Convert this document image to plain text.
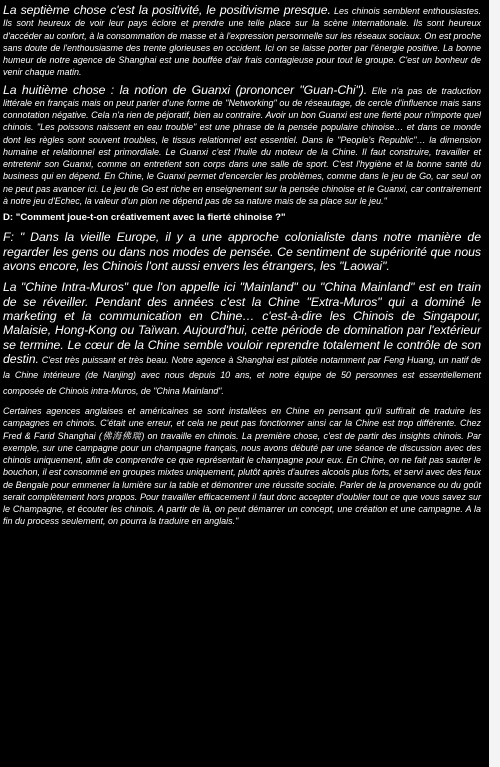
La septième chose c'est la positivité, le positivisme presque. Les chinois semblent enthousiastes. Ils sont heureux de voir leur pays éclore et prendre une telle place sur la scène internationale. Ils sont heureux d'accéder au confort, à la consommation de masse et à l'expression personnelle sur les réseaux sociaux. On est proche sans doute de l'enthousiasme des trente glorieuses en occident. Ici on se laisse porter par l'énergie positive. La bonne humeur de notre agence de Shanghai est une bouffée d'air frais contagieuse pour tout le groupe. C'est un bonheur de venir chaque matin.

La huitième chose : la notion de Guanxi (prononcer "Guan-Chi"). Elle n'a pas de traduction littérale en français mais on peut parler d'une forme de "Networking" ou de réseautage, de cercle d'influence mais sans connotation négative. Cela n'a rien de péjoratif, bien au contraire. Avoir un bon Guanxi est une fierté pour n'importe quel chinois. "Les poissons naissent en eau trouble" est une phrase de la pensée populaire chinoise… et dans ce monde dont les règles sont souvent troubles, le tissus relationnel est essentiel. Dans le "People's Republic"… la dimension humaine et relationnel est primordiale. Le Guanxi c'est l'huile du moteur de la Chine. Il faut construire, travailler et entretenir son Guanxi, comme on entretient son corps dans une salle de sport. C'est l'hygiène et la bonne santé du business qui en dépend. En Chine, le Guanxi permet d'encercler les problèmes, comme dans le jeu de Go, car seul on ne peut pas avancer ici. Le jeu de Go est riche en enseignement sur la pensée chinoise et le Guanxi, car contrairement à notre jeu d'Echec, la valeur d'un pion ne dépend pas de sa nature mais de sa place sur le jeu."

D: "Comment joue-t-on créativement avec la fierté chinoise ?"

F: " Dans la vieille Europe, il y a une approche colonialiste dans notre manière de regarder les gens ou dans nos modes de pensée. Ce sentiment de supériorité que nous avons encore, les Chinois l'ont aussi envers les étrangers, les "Laowai".

La "Chine Intra-Muros" que l'on appelle ici "Mainland" ou "China Mainland" est en train de se réveiller. Pendant des années c'est la Chine "Extra-Muros" qui a dominé le marketing et la communication en Chine… c'est-à-dire les Chinois de Singapour, Malaisie, Hong-Kong ou Taïwan. Aujourd'hui, cette période de domination par l'extérieur se termine. Le cœur de la Chine semble vouloir reprendre totalement le contrôle de son destin. C'est très puissant et très beau. Notre agence à Shanghai est pilotée notamment par Feng Huang, un natif de la Chine intérieure (de Nanjing) avec nous depuis 10 ans, et notre équipe de 50 personnes est essentiellement composée de Chinois intra-Muros, de "China Mainland".

Certaines agences anglaises et américaines se sont installées en Chine en pensant qu'il suffirait de traduire les campagnes en chinois. C'était une erreur, et cela ne peut pas fonctionner ainsi car la Chine est trop différente. Chez Fred & Farid Shanghai (佛海佛瑞) on travaille en chinois. La première chose, c'est de partir des insights chinois. Par exemple, sur une campagne pour un champagne français, nous avons débuté par une séance de discussion avec des chinois uniquement, afin de comprendre ce que représentait le champagne pour eux. En Chine, on ne fait pas sauter le bouchon, il est consommé en groupes mixtes uniquement, plutôt après d'autres alcools plus forts, et servi avec des feux de Bengale pour emmener la lumière sur la table et démontrer une réussite sociale. Parler de la provenance ou du goût serait complètement hors propos. Pour travailler efficacement il faut donc accepter d'oublier tout ce que vous savez sur le Champagne, et écouter les chinois. A partir de là, on peut démarrer un concept, une création et une campagne. A la fin du process seulement, on pourra la traduire en anglais."
